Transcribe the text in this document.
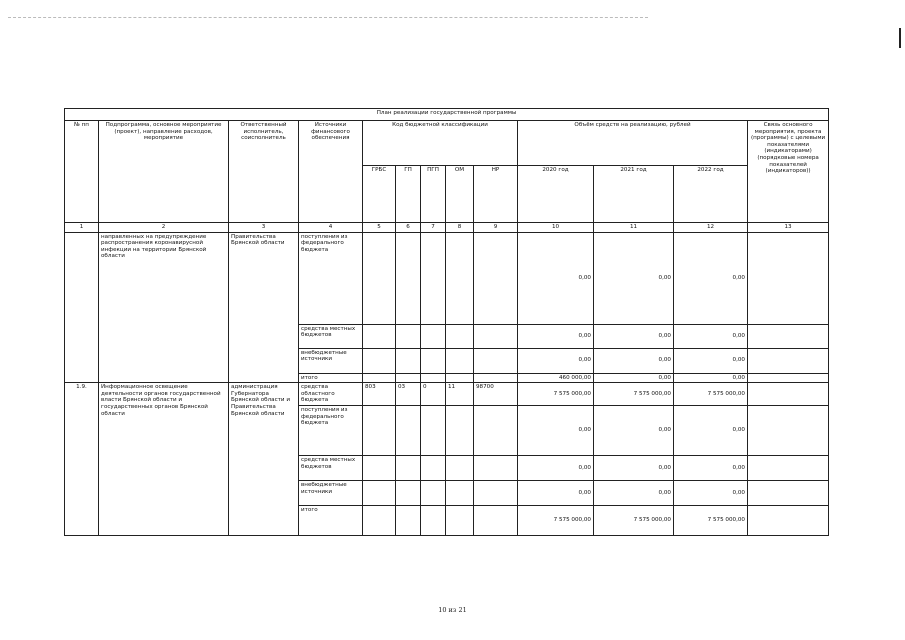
План реализации государственной программы												
№ пп	Подпрограмма, основное мероприятие (проект), направление расходов, мероприятие	Ответственный исполнитель, соисполнитель	Источники финансового обеспечения	Код бюджетной классификации					Объём средств на реализацию, рублей			Связь основного мероприятия, проекта (программы) с целевыми показателями (индикаторами) (порядковые номера показателей (индикаторов))
				ГРБС	ГП	ПГП	ОМ	НР	2020 год	2021 год	2022 год	
1	2	3	4	5	6	7	8	9	10	11	12	13
	направленных на предупреждение распространения коронавирусной инфекции на территории Брянской области	Правительства Брянской области	поступления из федерального бюджета						0,00	0,00	0,00	
			средства местных бюджетов						0,00	0,00	0,00	
			внебюджетные источники						0,00	0,00	0,00	
			итого						460 000,00	0,00	0,00	
1.9.	Информационное освещение деятельности органов государственной власти Брянской области и государственных органов Брянской области	администрация Губернатора Брянской области и Правительства Брянской области	средства областного бюджета	803	03	0	11	98700	7 575 000,00	7 575 000,00	7 575 000,00	
			поступления из федерального бюджета						0,00	0,00	0,00	
			средства местных бюджетов						0,00	0,00	0,00	
			внебюджетные источники						0,00	0,00	0,00	
			итого						7 575 000,00	7 575 000,00	7 575 000,00	
10 из 21
